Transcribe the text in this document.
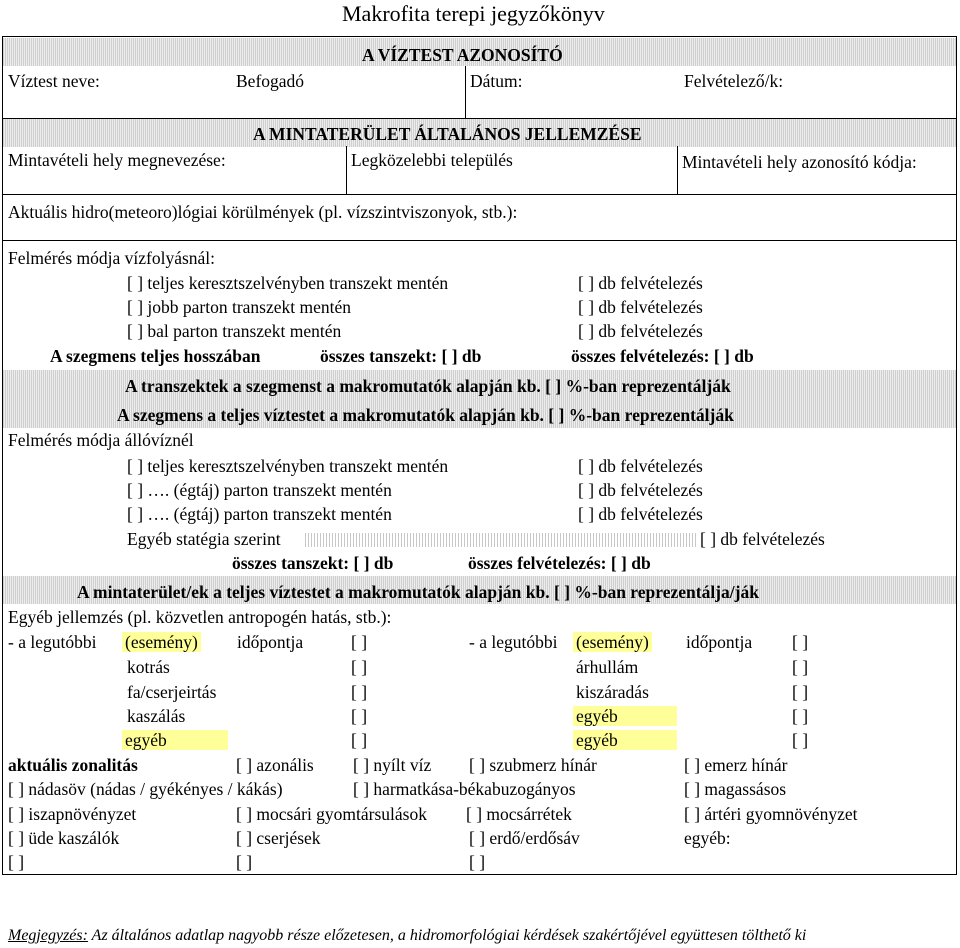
Makrofita terepi jegyzőkönyv
A VÍZTEST AZONOSÍTÓ
Víztest neve:	Befogadó	Dátum:	Felvételező/k:
A MINTATERÜLET ÁLTALÁNOS JELLEMZÉSE
Mintavételi hely megnevezése:	Legközelebbi település	Mintavételi hely azonosító kódja:
Aktuális hidro(meteoro)lógiai körülmények (pl. vízszintviszonyok, stb.):
Felmérés módja vízfolyásnál:
[ ] teljes keresztszelvényben transzekt mentén	[ ] db felvételezés
[ ] jobb parton transzekt mentén	[ ] db felvételezés
[ ] bal parton transzekt mentén	[ ] db felvételezés
A szegmens teljes hosszában	összes tanszekt: [ ] db	összes felvételezés: [ ] db
A transzektek a szegmenst a makromutatók alapján kb. [ ] %-ban reprezentálják
A szegmens a teljes víztestet a makromutatók alapján kb. [ ] %-ban reprezentálják
Felmérés módja állóvíznél
[ ] teljes keresztszelvényben transzekt mentén	[ ] db felvételezés
[ ] …. (égtáj) parton transzekt mentén	[ ] db felvételezés
[ ] …. (égtáj) parton transzekt mentén	[ ] db felvételezés
Egyéb statégia szerint	[ ] db felvételezés
összes tanszekt: [ ] db	összes felvételezés: [ ] db
A mintaterület/ek a teljes víztestet a makromutatók alapján kb. [ ] %-ban reprezentálja/ják
Egyéb jellemzés (pl. közvetlen antropogén hatás, stb.):
- a legutóbbi (esemény) időpontja	[ ]	- a legutóbbi (esemény) időpontja [ ]
kotrás	[ ]	árhullám	[ ]
fa/cserjeirtás	[ ]	kiszáradás	[ ]
kaszálás	[ ]	egyéb	[ ]
egyéb	[ ]	egyéb	[ ]
aktuális zonalitás	[ ] azonális [ ] nyílt víz [ ] szubmerz hínár	[ ] emerz hínár
[ ] nádasöv (nádas / gyékényes / kákás)	[ ] harmatkása-békabuzogányos	[ ] magassásos
[ ] iszapnövényzet	[ ] mocsári gyomtársulások [ ] mocsárrétek	[ ] ártéri gyomnövényzet
[ ] üde kaszálók	[ ] cserjések	[ ] erdő/erdősáv	egyéb:
[ ]	[ ]	[ ]
Megjegyzés: Az általános adatlap nagyobb része előzetesen, a hidromorfológiai kérdések szakértőjével együttesen tölthető ki
